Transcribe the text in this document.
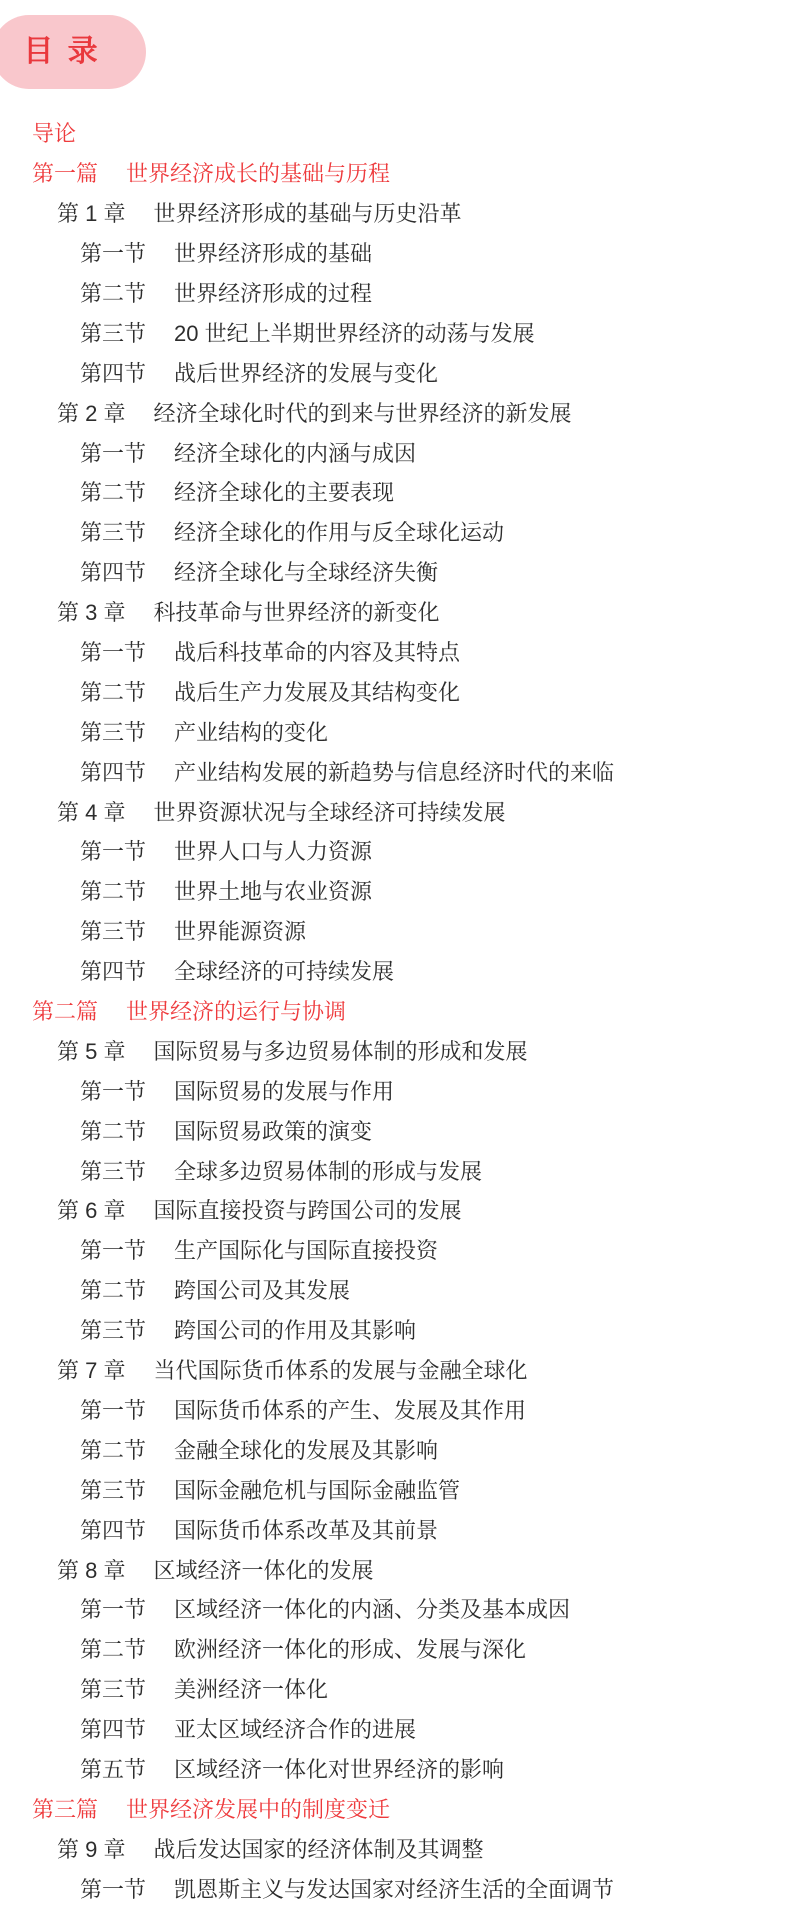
目 录
导论
第一篇 世界经济成长的基础与历程
第 1 章 世界经济形成的基础与历史沿革
第一节 世界经济形成的基础
第二节 世界经济形成的过程
第三节 20 世纪上半期世界经济的动荡与发展
第四节 战后世界经济的发展与变化
第 2 章 经济全球化时代的到来与世界经济的新发展
第一节 经济全球化的内涵与成因
第二节 经济全球化的主要表现
第三节 经济全球化的作用与反全球化运动
第四节 经济全球化与全球经济失衡
第 3 章 科技革命与世界经济的新变化
第一节 战后科技革命的内容及其特点
第二节 战后生产力发展及其结构变化
第三节 产业结构的变化
第四节 产业结构发展的新趋势与信息经济时代的来临
第 4 章 世界资源状况与全球经济可持续发展
第一节 世界人口与人力资源
第二节 世界土地与农业资源
第三节 世界能源资源
第四节 全球经济的可持续发展
第二篇 世界经济的运行与协调
第 5 章 国际贸易与多边贸易体制的形成和发展
第一节 国际贸易的发展与作用
第二节 国际贸易政策的演变
第三节 全球多边贸易体制的形成与发展
第 6 章 国际直接投资与跨国公司的发展
第一节 生产国际化与国际直接投资
第二节 跨国公司及其发展
第三节 跨国公司的作用及其影响
第 7 章 当代国际货币体系的发展与金融全球化
第一节 国际货币体系的产生、发展及其作用
第二节 金融全球化的发展及其影响
第三节 国际金融危机与国际金融监管
第四节 国际货币体系改革及其前景
第 8 章 区域经济一体化的发展
第一节 区域经济一体化的内涵、分类及基本成因
第二节 欧洲经济一体化的形成、发展与深化
第三节 美洲经济一体化
第四节 亚太区域经济合作的进展
第五节 区域经济一体化对世界经济的影响
第三篇 世界经济发展中的制度变迁
第 9 章 战后发达国家的经济体制及其调整
第一节 凯恩斯主义与发达国家对经济生活的全面调节
